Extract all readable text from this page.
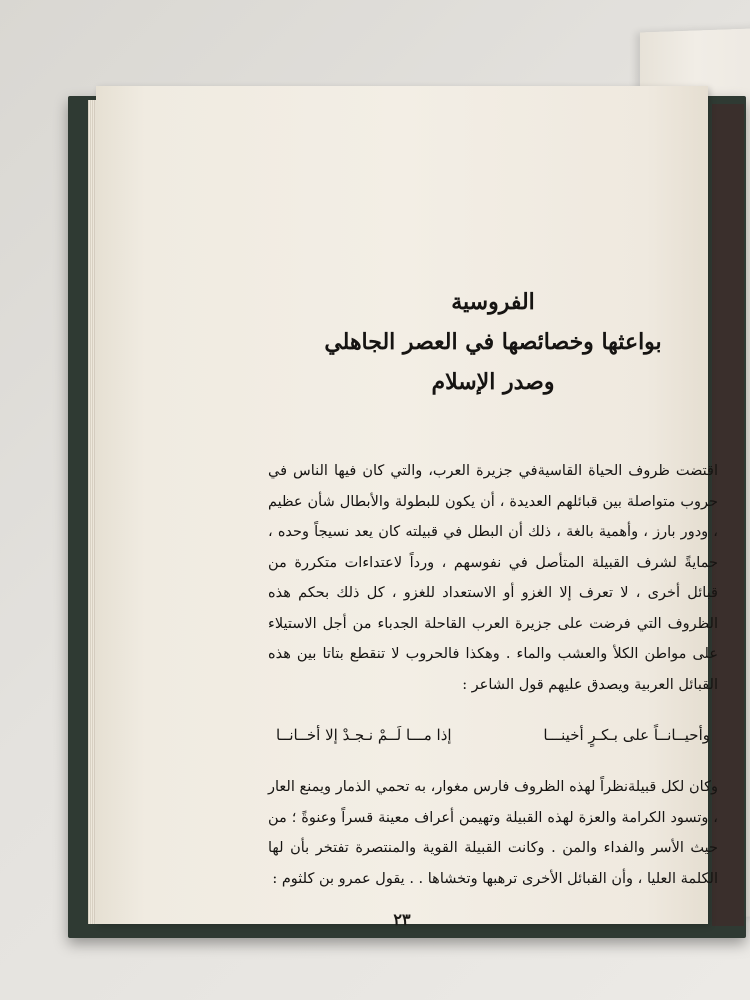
الفروسية
بواعثها وخصائصها في العصر الجاهلي
وصدر الإسلام

اقتضت ظروف الحياة القاسيةفي جزيرة العرب، والتي كان فيها الناس في حروب متواصلة بين قبائلهم العديدة ، أن يكون للبطولة والأبطال شأن عظيم ، ودور بارز ، وأهمية بالغة ، ذلك أن البطل في قبيلته كان يعد نسيجاً وحده ، حمايةً لشرف القبيلة المتأصل في نفوسهم ، ورداً لاعتداءات متكررة من قبائل أخرى ، لا تعرف إلا الغزو أو الاستعداد للغزو ، كل ذلك بحكم هذه الظروف التي فرضت على جزيرة العرب القاحلة الجدباء من أجل الاستيلاء على مواطن الكلأ والعشب والماء . وهكذا فالحروب لا تنقطع بتاتا بين هذه القبائل العربية ويصدق عليهم قول الشاعر :

وأحيــانــاً على بـكـرٍ أخينـــا
إذا مـــا لَــمْ نـجـدْ إلا أخــانــا

وكان لكل قبيلةنظراً لهذه الظروف فارس مغوار، به تحمي الذمار ويمنع العار ، وتسود الكرامة والعزة لهذه القبيلة وتهيمن أعراف معينة قسراً وعنوةً ؛ من حيث الأسر والفداء والمن . وكانت القبيلة القوية والمنتصرة تفتخر بأن لها الكلمة العليا ، وأن القبائل الأخرى ترهبها وتخشاها . . يقول عمرو بن كلثوم :

٢٣
